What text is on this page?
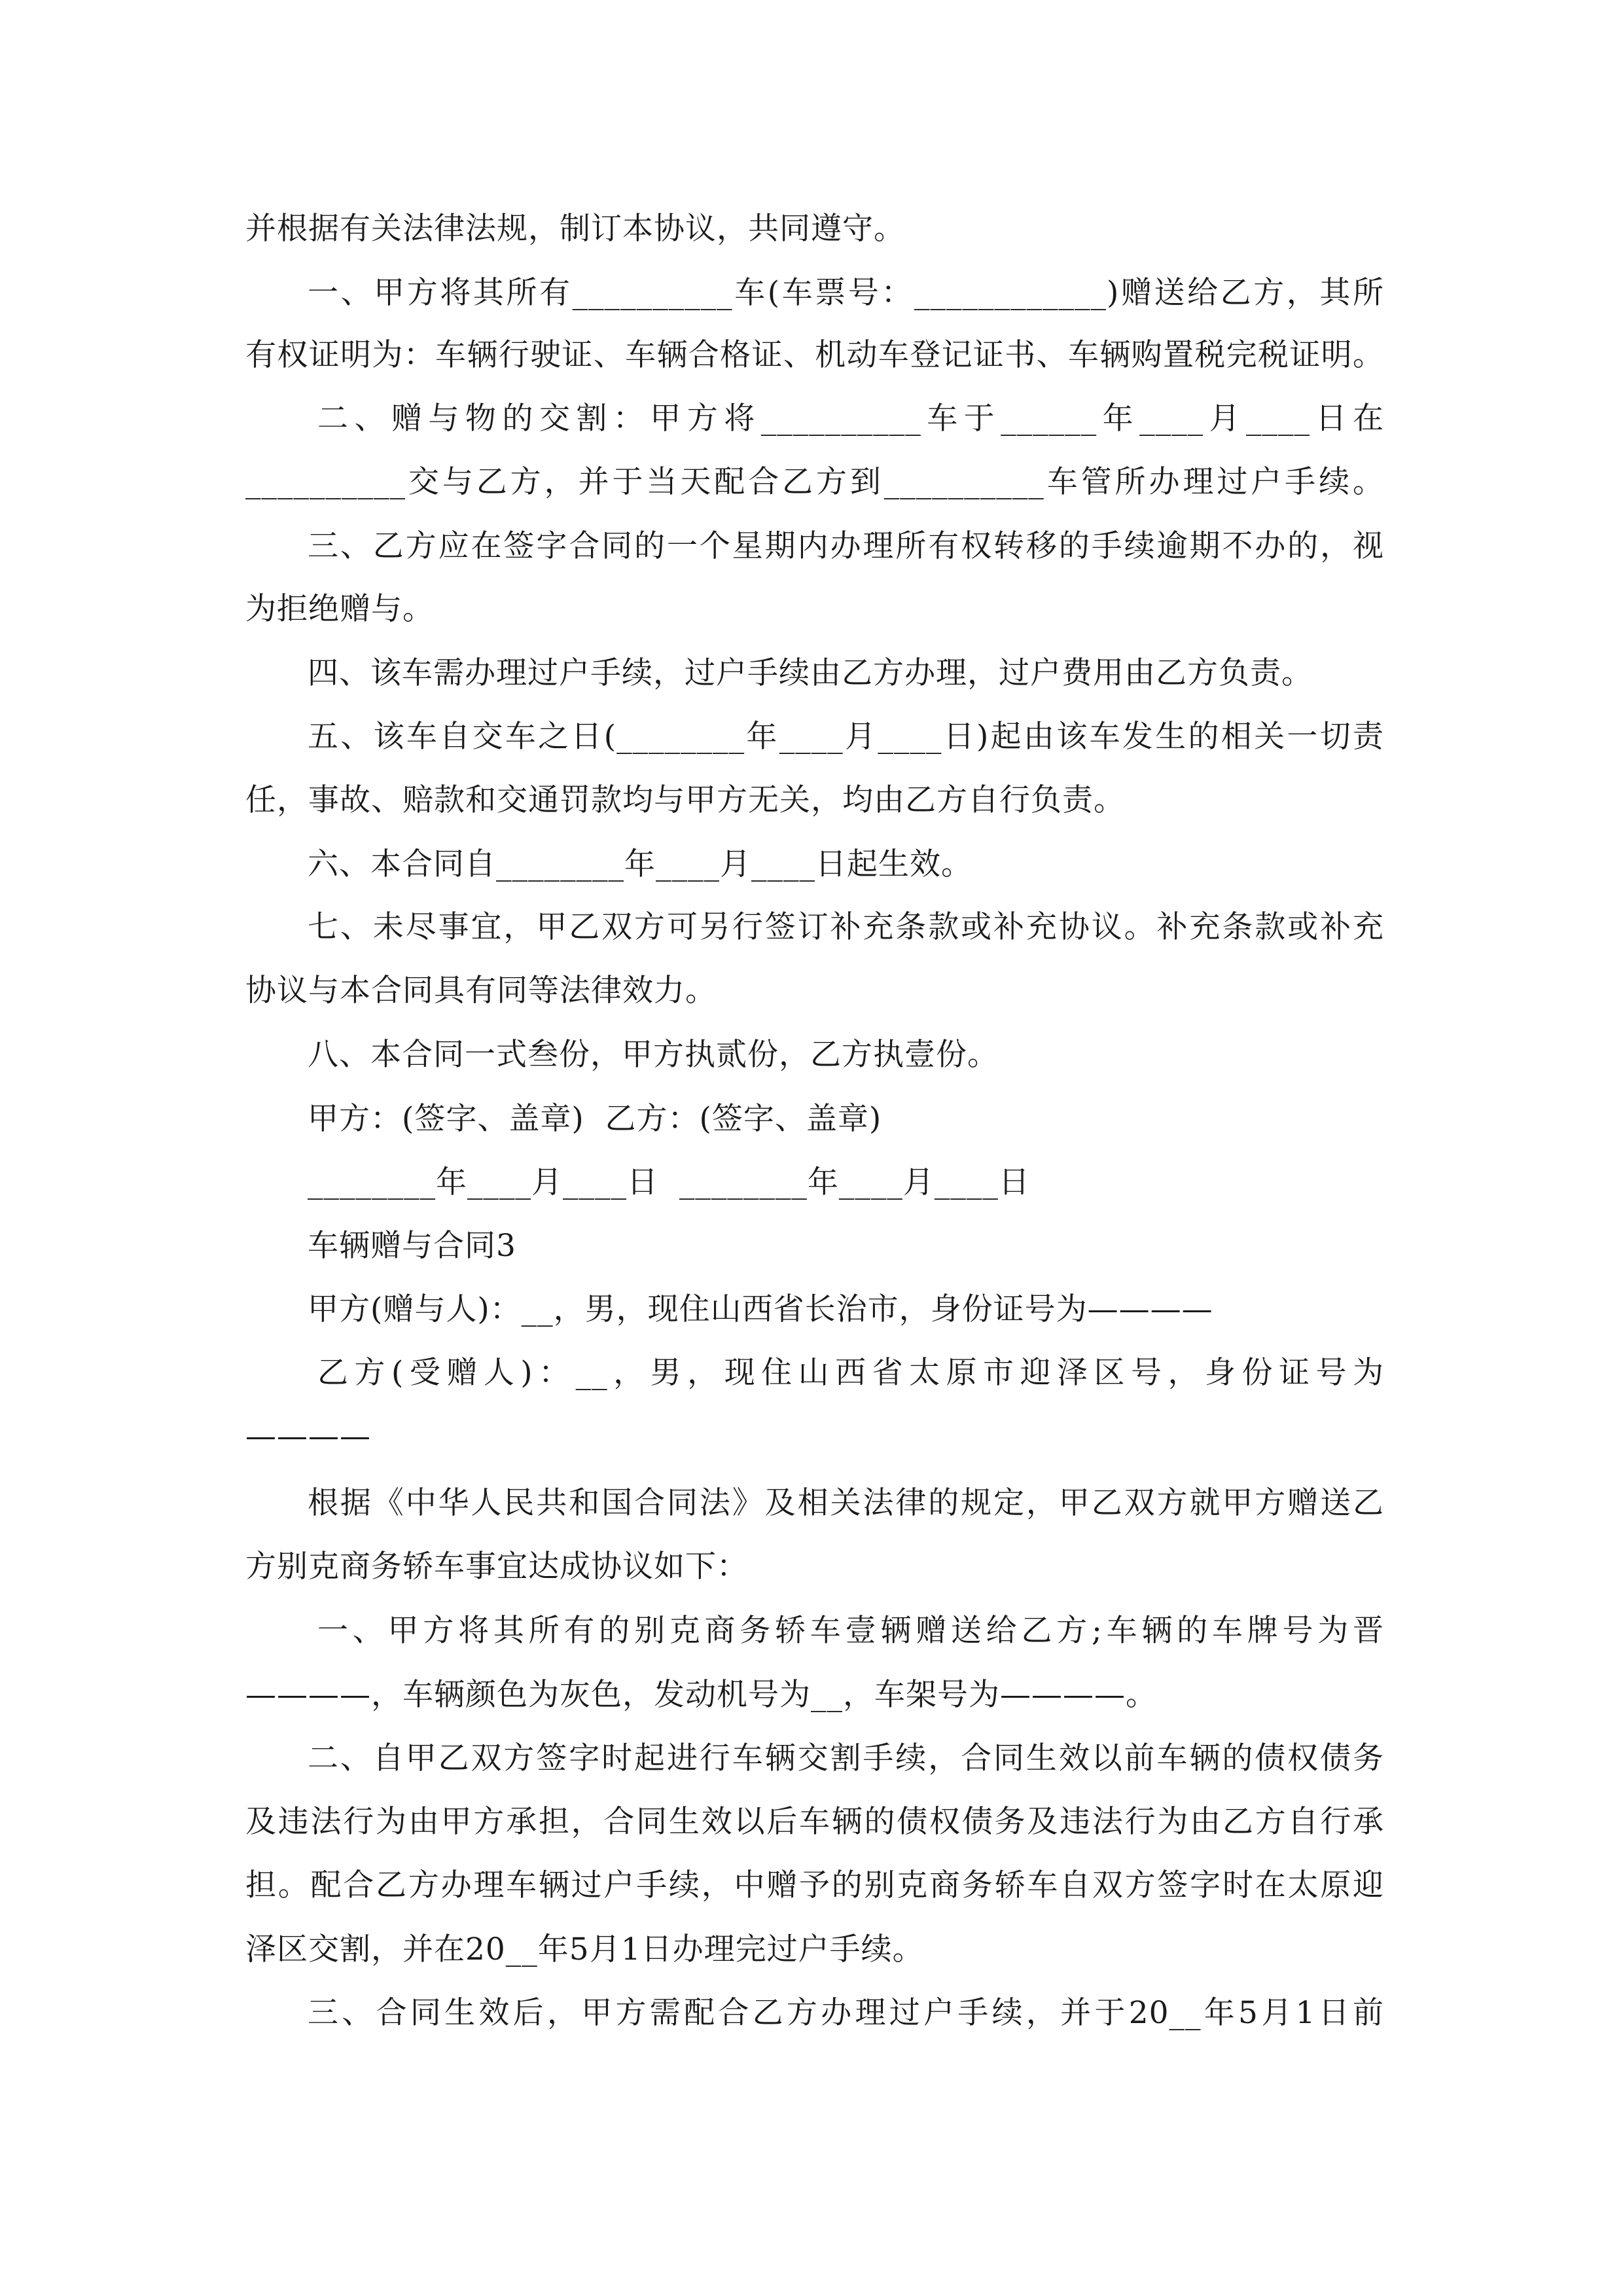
并根据有关法律法规，制订本协议，共同遵守。
一、甲方将其所有__________车(车票号：____________)赠送给乙方，其所
有权证明为：车辆行驶证、车辆合格证、机动车登记证书、车辆购置税完税证明。
二、赠与物的交割：甲方将__________车于______年____月____日在
__________交与乙方，并于当天配合乙方到__________车管所办理过户手续。
三、乙方应在签字合同的一个星期内办理所有权转移的手续逾期不办的，视
为拒绝赠与。
四、该车需办理过户手续，过户手续由乙方办理，过户费用由乙方负责。
五、该车自交车之日(________年____月____日)起由该车发生的相关一切责
任，事故、赔款和交通罚款均与甲方无关，均由乙方自行负责。
六、本合同自________年____月____日起生效。
七、未尽事宜，甲乙双方可另行签订补充条款或补充协议。补充条款或补充
协议与本合同具有同等法律效力。
八、本合同一式叁份，甲方执贰份，乙方执壹份。
甲方：(签字、盖章)  乙方：(签字、盖章)
________年____月____日  ________年____月____日
车辆赠与合同3
甲方(赠与人)：__，男，现住山西省长治市，身份证号为————
乙方(受赠人)：__，男，现住山西省太原市迎泽区号，身份证号为
————
根据《中华人民共和国合同法》及相关法律的规定，甲乙双方就甲方赠送乙
方别克商务轿车事宜达成协议如下：
一、甲方将其所有的别克商务轿车壹辆赠送给乙方;车辆的车牌号为晋
————，车辆颜色为灰色，发动机号为__，车架号为————。
二、自甲乙双方签字时起进行车辆交割手续，合同生效以前车辆的债权债务
及违法行为由甲方承担，合同生效以后车辆的债权债务及违法行为由乙方自行承
担。配合乙方办理车辆过户手续，中赠予的别克商务轿车自双方签字时在太原迎
泽区交割，并在20__年5月1日办理完过户手续。
三、合同生效后，甲方需配合乙方办理过户手续，并于20__年5月1日前
